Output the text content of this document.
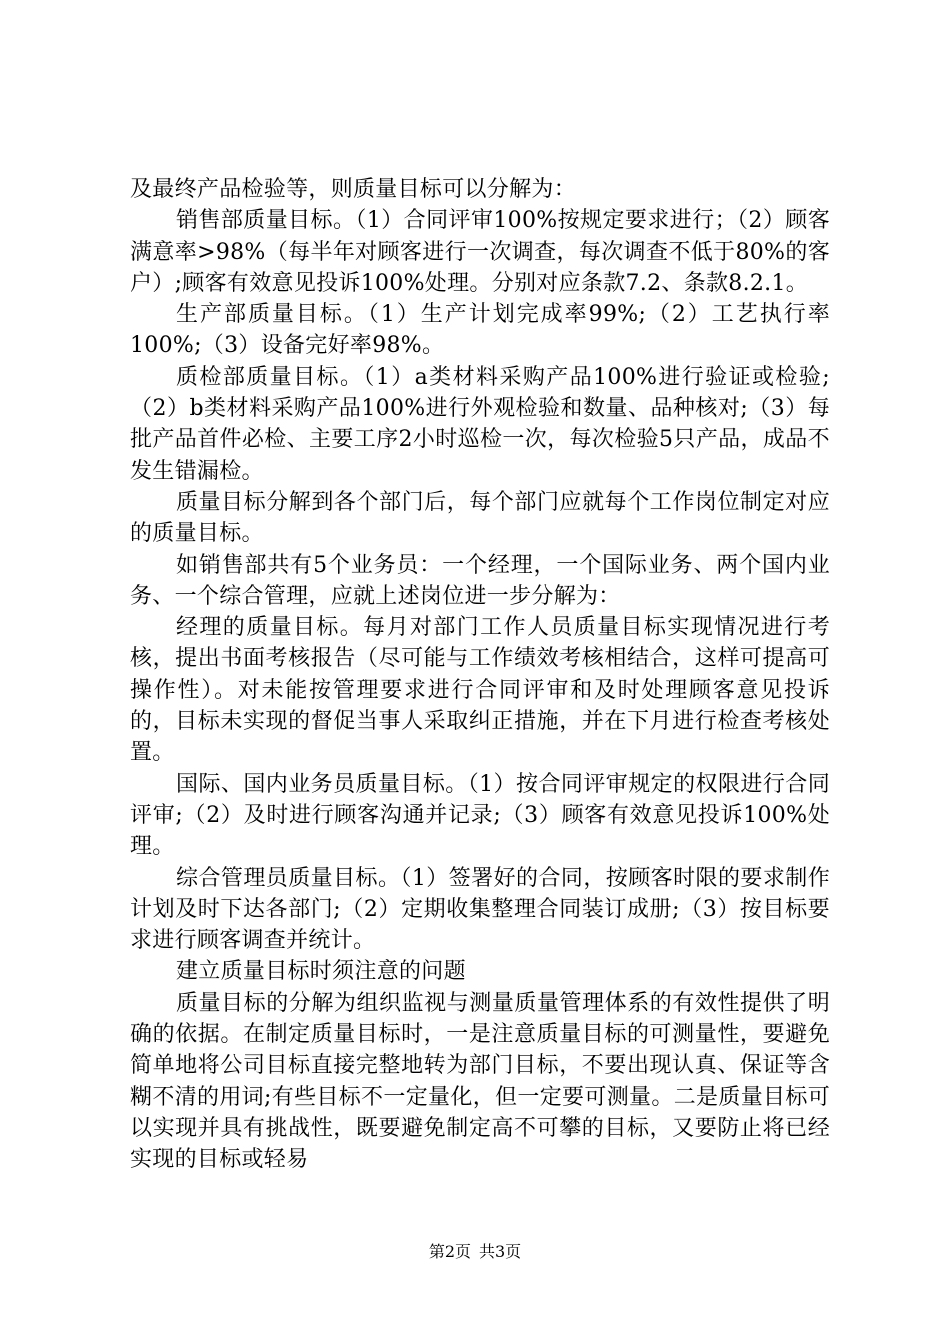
及最终产品检验等，则质量目标可以分解为：

销售部质量目标。（1）合同评审100%按规定要求进行；（2）顾客满意率>98%（每半年对顾客进行一次调查，每次调查不低于80%的客户）;顾客有效意见投诉100%处理。分别对应条款7.2、条款8.2.1。

生产部质量目标。（1）生产计划完成率99%;（2）工艺执行率100%;（3）设备完好率98%。

质检部质量目标。（1）a类材料采购产品100%进行验证或检验;（2）b类材料采购产品100%进行外观检验和数量、品种核对;（3）每批产品首件必检、主要工序2小时巡检一次，每次检验5只产品，成品不发生错漏检。

质量目标分解到各个部门后，每个部门应就每个工作岗位制定对应的质量目标。

如销售部共有5个业务员：一个经理，一个国际业务、两个国内业务、一个综合管理，应就上述岗位进一步分解为：

经理的质量目标。每月对部门工作人员质量目标实现情况进行考核，提出书面考核报告（尽可能与工作绩效考核相结合，这样可提高可操作性）。对未能按管理要求进行合同评审和及时处理顾客意见投诉的，目标未实现的督促当事人采取纠正措施，并在下月进行检查考核处置。

国际、国内业务员质量目标。（1）按合同评审规定的权限进行合同评审;（2）及时进行顾客沟通并记录;（3）顾客有效意见投诉100%处理。

综合管理员质量目标。（1）签署好的合同，按顾客时限的要求制作计划及时下达各部门;（2）定期收集整理合同装订成册;（3）按目标要求进行顾客调查并统计。

建立质量目标时须注意的问题

质量目标的分解为组织监视与测量质量管理体系的有效性提供了明确的依据。在制定质量目标时，一是注意质量目标的可测量性，要避免简单地将公司目标直接完整地转为部门目标，不要出现认真、保证等含糊不清的用词;有些目标不一定量化，但一定要可测量。二是质量目标可以实现并具有挑战性，既要避免制定高不可攀的目标，又要防止将已经实现的目标或轻易

第2页 共3页
